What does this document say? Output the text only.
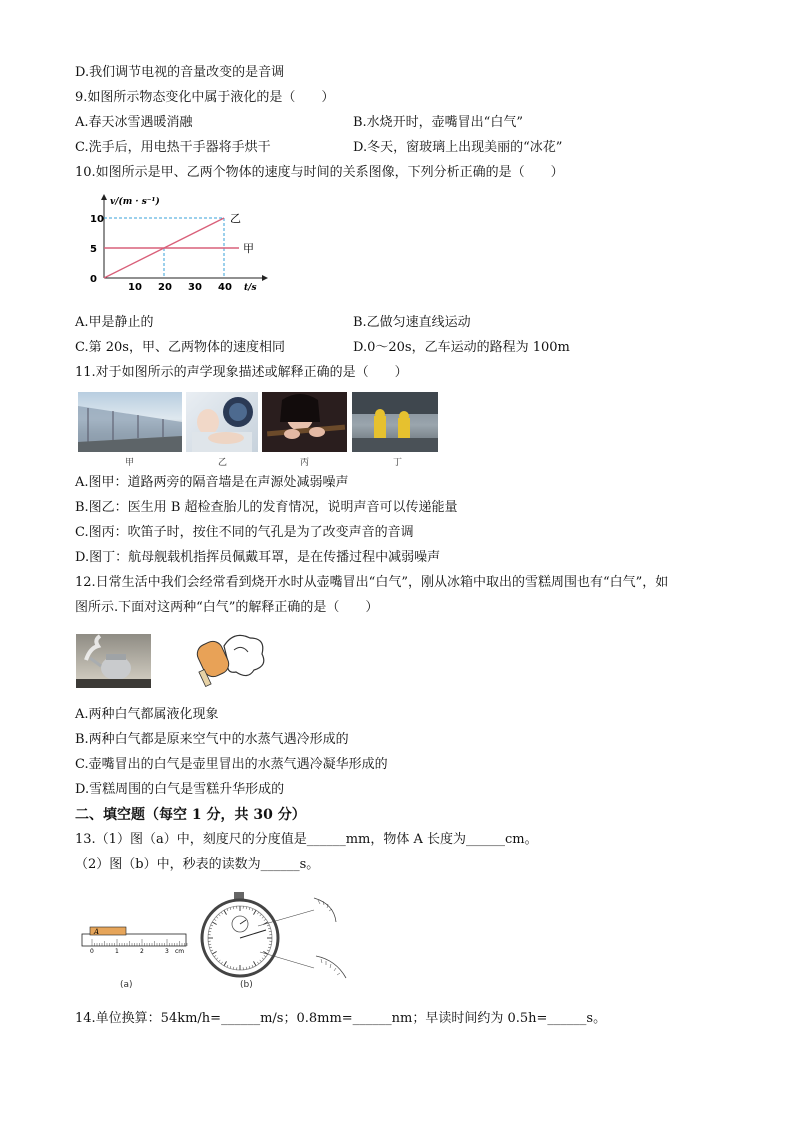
D.我们调节电视的音量改变的是音调
9.如图所示物态变化中属于液化的是（　　）
A.春天冰雪遇暖消融	B.水烧开时，壶嘴冒出“白气”
C.洗手后，用电热干手器将手烘干	D.冬天，窗玻璃上出现美丽的“冰花”
10.如图所示是甲、乙两个物体的速度与时间的关系图像，下列分析正确的是（　　）
v/(m · s⁻¹)
t/s
0
5
10
10 20 30 40
甲
乙
A.甲是静止的	B.乙做匀速直线运动
C.第 20s，甲、乙两物体的速度相同	D.0～20s，乙车运动的路程为 100m
11.对于如图所示的声学现象描述或解释正确的是（　　）
甲	乙	丙	丁
A.图甲：道路两旁的隔音墙是在声源处减弱噪声
B.图乙：医生用 B 超检查胎儿的发育情况，说明声音可以传递能量
C.图丙：吹笛子时，按住不同的气孔是为了改变声音的音调
D.图丁：航母舰载机指挥员佩戴耳罩，是在传播过程中减弱噪声
12.日常生活中我们会经常看到烧开水时从壶嘴冒出“白气”，刚从冰箱中取出的雪糕周围也有“白气”，如
图所示.下面对这两种“白气”的解释正确的是（　　）
A.两种白气都属液化现象
B.两种白气都是原来空气中的水蒸气遇冷形成的
C.壶嘴冒出的白气是壶里冒出的水蒸气遇冷凝华形成的
D.雪糕周围的白气是雪糕升华形成的
二、填空题（每空 1 分，共 30 分）
13.（1）图（a）中，刻度尺的分度值是______mm，物体 A 长度为______cm。
（2）图（b）中，秒表的读数为______s。
A
0	1	2	3 cm
(a)	(b)
14.单位换算：54km/h=______m/s；0.8mm=______nm；早读时间约为 0.5h=______s。
